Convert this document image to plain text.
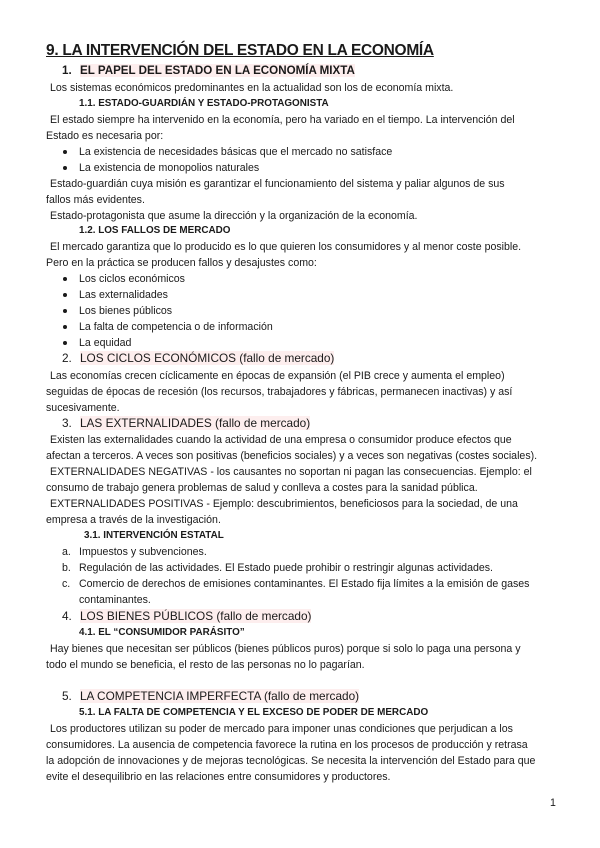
9. LA INTERVENCIÓN DEL ESTADO EN LA ECONOMÍA
1. EL PAPEL DEL ESTADO EN LA ECONOMÍA MIXTA
Los sistemas económicos predominantes en la actualidad son los de economía mixta.
1.1. ESTADO-GUARDIÁN Y ESTADO-PROTAGONISTA
El estado siempre ha intervenido en la economía, pero ha variado en el tiempo. La intervención del
Estado es necesaria por:
La existencia de necesidades básicas que el mercado no satisface
La existencia de monopolios naturales
Estado-guardián cuya misión es garantizar el funcionamiento del sistema y paliar algunos de sus
fallos más evidentes.
Estado-protagonista que asume la dirección y la organización de la economía.
1.2. LOS FALLOS DE MERCADO
El mercado garantiza que lo producido es lo que quieren los consumidores y al menor coste posible.
Pero en la práctica se producen fallos y desajustes como:
Los ciclos económicos
Las externalidades
Los bienes públicos
La falta de competencia o de información
La equidad
2. LOS CICLOS ECONÓMICOS (fallo de mercado)
Las economías crecen cíclicamente en épocas de expansión (el PIB crece y aumenta el empleo)
seguidas de épocas de recesión (los recursos, trabajadores y fábricas, permanecen inactivas) y así
sucesivamente.
3. LAS EXTERNALIDADES (fallo de mercado)
Existen las externalidades cuando la actividad de una empresa o consumidor produce efectos que
afectan a terceros. A veces son positivas (beneficios sociales) y a veces son negativas (costes sociales).
EXTERNALIDADES NEGATIVAS - los causantes no soportan ni pagan las consecuencias. Ejemplo: el
consumo de trabajo genera problemas de salud y conlleva a costes para la sanidad pública.
EXTERNALIDADES POSITIVAS - Ejemplo: descubrimientos, beneficiosos para la sociedad, de una
empresa a través de la investigación.
3.1. INTERVENCIÓN ESTATAL
a. Impuestos y subvenciones.
b. Regulación de las actividades. El Estado puede prohibir o restringir algunas actividades.
c. Comercio de derechos de emisiones contaminantes. El Estado fija límites a la emisión de gases
contaminantes.
4. LOS BIENES PÚBLICOS (fallo de mercado)
4.1. EL “CONSUMIDOR PARÁSITO”
Hay bienes que necesitan ser públicos (bienes públicos puros) porque si solo lo paga una persona y
todo el mundo se beneficia, el resto de las personas no lo pagarían.
5. LA COMPETENCIA IMPERFECTA (fallo de mercado)
5.1. LA FALTA DE COMPETENCIA Y EL EXCESO DE PODER DE MERCADO
Los productores utilizan su poder de mercado para imponer unas condiciones que perjudican a los
consumidores. La ausencia de competencia favorece la rutina en los procesos de producción y retrasa
la adopción de innovaciones y de mejoras tecnológicas. Se necesita la intervención del Estado para que
evite el desequilibrio en las relaciones entre consumidores y productores.
1
